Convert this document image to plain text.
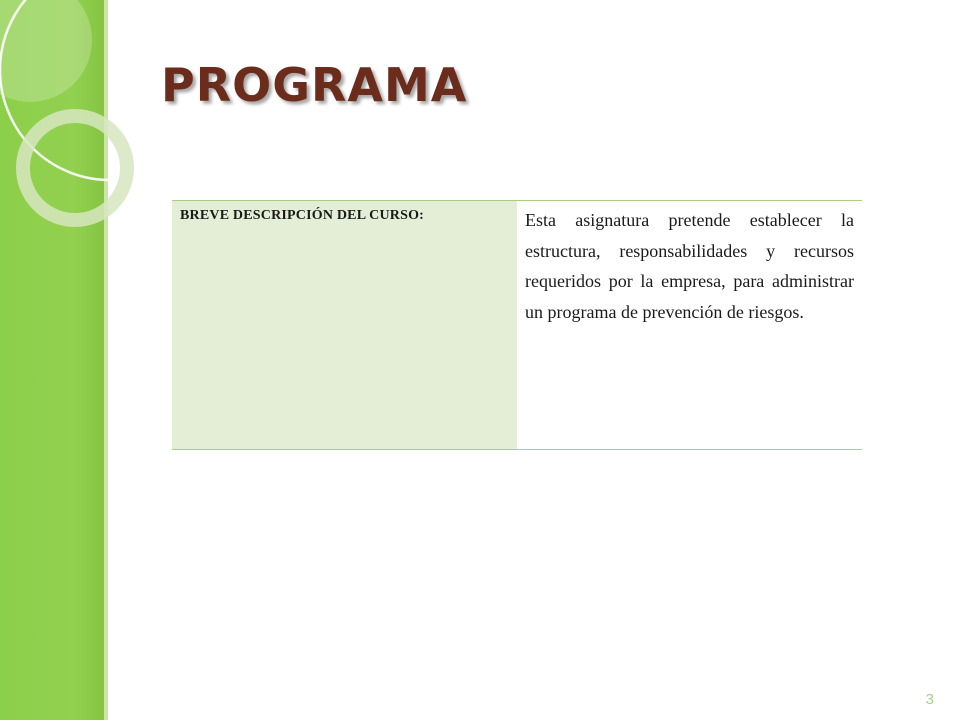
PROGRAMA
BREVE DESCRIPCIÓN DEL CURSO:	Esta asignatura pretende establecer la estructura, responsabilidades y recursos requeridos por la empresa, para administrar un programa de prevención de riesgos.

3
